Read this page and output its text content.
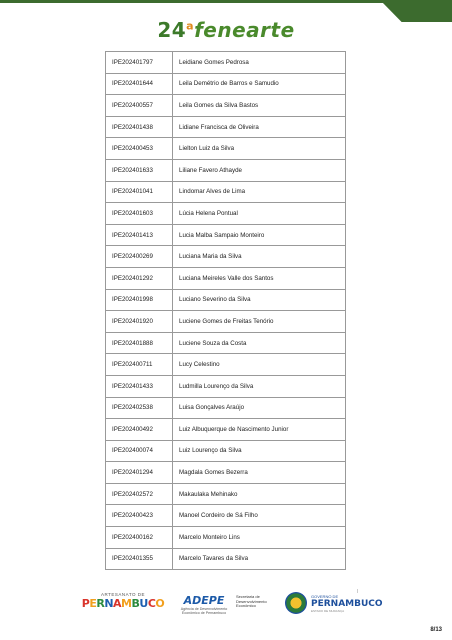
24$^a$fenearte
IPE202401797	Leidiane Gomes Pedrosa
IPE202401644	Leila Demétrio de Barros e Samudio
IPE202400557	Leila Gomes da Silva Bastos
IPE202401438	Lidiane Francisca de Oliveira
IPE202400453	Lielton Luiz da Silva
IPE202401633	Liliane Favero Athayde
IPE202401041	Lindomar Alves de Lima
IPE202401603	Lúcia Helena Pontual
IPE202401413	Lucia Malba Sampaio Monteiro
IPE202400269	Luciana Maria da Silva
IPE202401292	Luciana Meireles Valle dos Santos
IPE202401998	Luciano Severino da Silva
IPE202401920	Luciene Gomes de Freitas Tenório
IPE202401888	Luciene Souza da Costa
IPE202400711	Lucy Celestino
IPE202401433	Ludmilla Lourenço da Silva
IPE202402538	Luisa Gonçalves Araújo
IPE202400492	Luiz Albuquerque de Nascimento Junior
IPE202400074	Luiz Lourenço da Silva
IPE202401294	Magdala Gomes Bezerra
IPE202402572	Makaulaka Mehinako
IPE202400423	Manoel Cordeiro de Sá Filho
IPE202400162	Marcelo Monteiro Lins
IPE202401355	Marcelo Tavares da Silva
I
ARTESANATO DE
PERNAMBUCO ADEPE
Agência de Desenvolvimento Econômico de Pernambuco
Secretaria de Desenvolvimento Econômico
GOVERNO DE
PERNAMBUCO
ESTADO DE MUDANÇA
8/13
